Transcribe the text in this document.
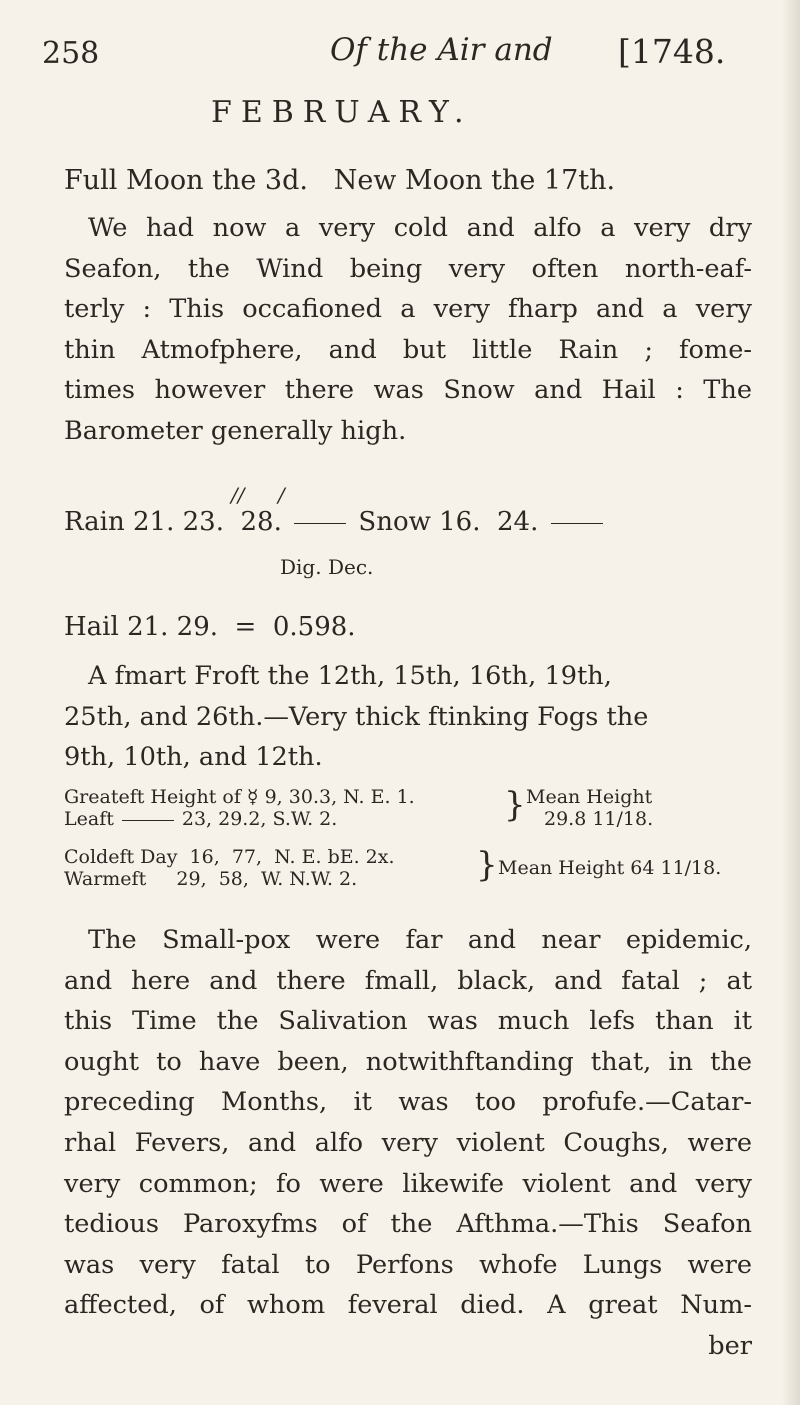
258	Of the Air and [1748.
FEBRUARY.
Full Moon the 3d.   New Moon the 17th.
We had now a very cold and alfo a very dry
Seafon, the Wind being very often north-eaf-
terly : This occafioned a very fharp and a very
thin Atmofphere, and but little Rain ; fome-
times however there was Snow and Hail : The
Barometer generally high.
// /
Rain 21. 23.  28.	Snow 16.  24.
Dig. Dec.
Hail 21. 29.  =  0.598.
A fmart Froft the 12th, 15th, 16th, 19th,
25th, and 26th.—Very thick ftinking Fogs the
9th, 10th, and 12th.
Greateft Height of ☿ 9, 30.3, N. E. 1.
Leaft	23, 29.2, S.W. 2.	} Mean Height
29.8 11/18.
Coldeft Day  16,  77,  N. E. bE. 2x.
Warmeft     29,  58,  W. N.W. 2.	} Mean Height 64 11/18.
The Small-pox were far and near epidemic,
and here and there fmall, black, and fatal ; at
this Time the Salivation was much lefs than it
ought to have been, notwithftanding that, in the
preceding Months, it was too profufe.—Catar-
rhal Fevers, and alfo very violent Coughs, were
very common; fo were likewife violent and very
tedious Paroxyfms of the Afthma.—This Seafon
was very fatal to Perfons whofe Lungs were
affected, of whom feveral died. A great Num-
ber
